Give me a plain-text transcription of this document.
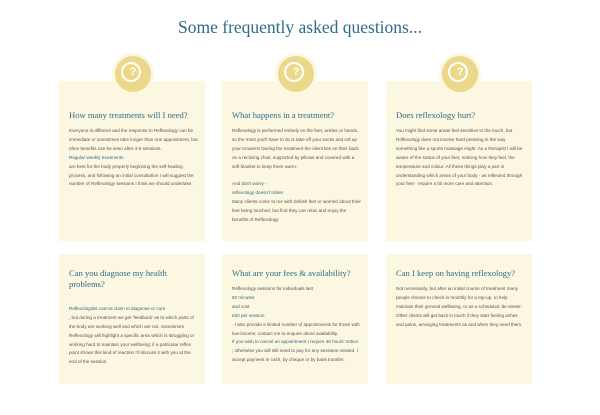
Some frequently asked questions...
?
How many treatments will I need?

Everyone is different and the response to Reflexology can be immediate or sometimes take longer than one appointment, but often benefits can be seen after 4-6 sessions.

Regular weekly treatments

are best for the body properly beginning the self-healing process, and following an initial consultation I will suggest the number of Reflexology sessions I think we should undertake.

?
What happens in a treatment?

Reflexology is performed entirely on the feet, ankles or hands, so the most you'll have to do is take off your socks and roll up your trousers! During the treatment the client lies on their back on a reclining chair, supported by pillows and covered with a soft blanket to keep them warm.

And don't worry -

reflexology doesn't tickle!

Many clients come to me with ticklish feet or worried about their feet being touched, but find they can relax and enjoy the benefits of Reflexology.

?
Does reflexology hurt?

You might find some areas feel sensitive to the touch, but Reflexology does not involve hard pressing in the way something like a sports massage might. As a therapist I will be aware of the status of your feet, noticing how they feel, the temperature and colour. All these things play a part in understanding which areas of your body - as reflected through your feet - require a bit more care and attention.

Can you diagnose my health problems?

Reflexologists cannot claim to diagnose or cure

, but during a treatment we get 'feedback' as to which parts of the body are working well and which are not. Sometimes Reflexology will highlight a specific area which is struggling or working hard to maintain your wellbeing; if a particular reflex point shows this kind of reaction I'll discuss it with you at the end of the session.

What are your fees & availability?

Reflexology sessions for individuals last

50 minutes

and cost

£60 per session

. I also provide a limited number of appointments for those with low-income; contact me to enquire about availability.

If you wish to cancel an appointment I require 48 hours' notice

; otherwise you will still need to pay for any sessions missed. I accept payment in cash, by cheque or by bank transfer.

Can I keep on having reflexology?

Not necessarily, but after an initial course of treatment many people choose to check in monthly for a top-up, to help maintain their general wellbeing, or as a scheduled 'de-stress'. Other clients will get back in touch if they start feeling aches and pains, arranging treatments as and when they need them.
